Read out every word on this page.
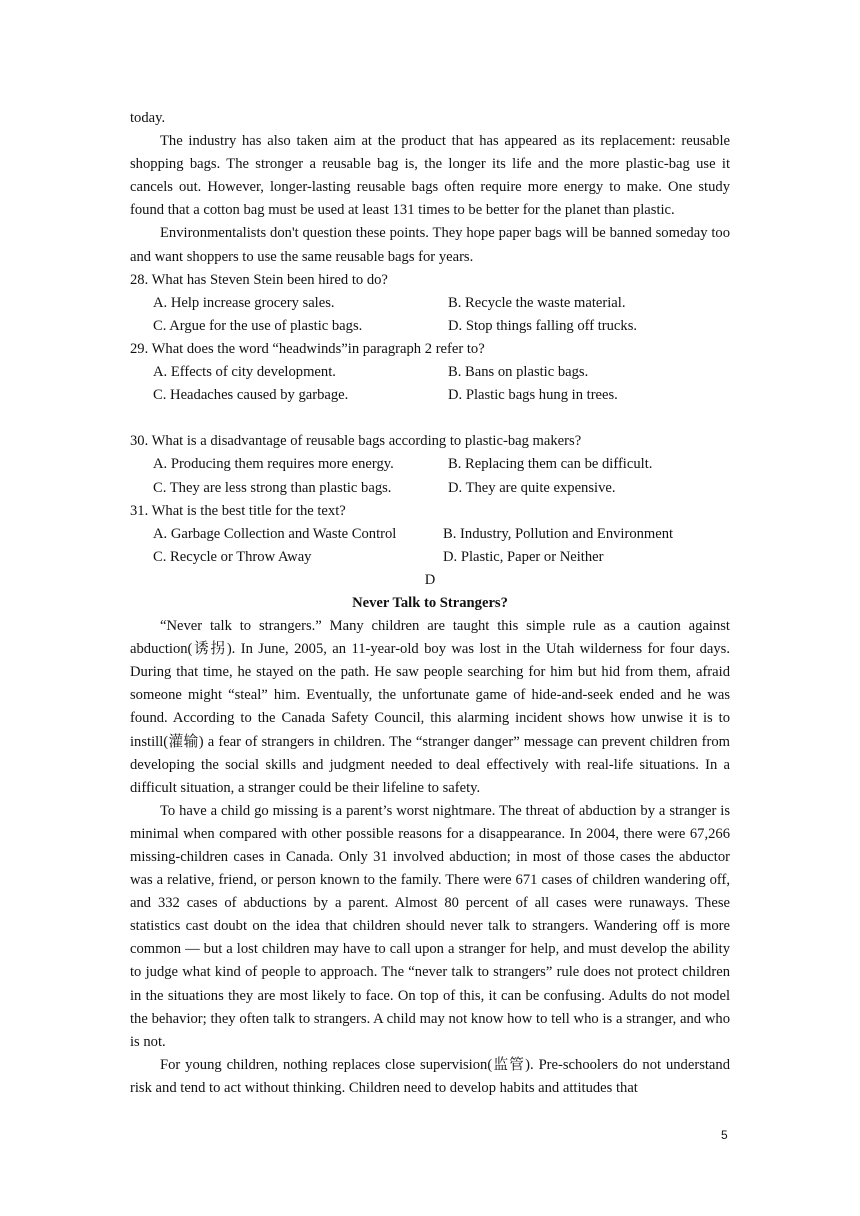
today.

The industry has also taken aim at the product that has appeared as its replacement: reusable shopping bags. The stronger a reusable bag is, the longer its life and the more plastic-bag use it cancels out. However, longer-lasting reusable bags often require more energy to make. One study found that a cotton bag must be used at least 131 times to be better for the planet than plastic.

Environmentalists don't question these points. They hope paper bags will be banned someday too and want shoppers to use the same reusable bags for years.

28. What has Steven Stein been hired to do?

A. Help increase grocery sales.	B. Recycle the waste material.
C. Argue for the use of plastic bags.	D. Stop things falling off trucks.

29. What does the word “headwinds”in paragraph 2 refer to?

A. Effects of city development.	B. Bans on plastic bags.
C. Headaches caused by garbage.	D. Plastic bags hung in trees.

30. What is a disadvantage of reusable bags according to plastic-bag makers?

A. Producing them requires more energy.	B. Replacing them can be difficult.
C. They are less strong than plastic bags.	D. They are quite expensive.

31. What is the best title for the text?

A. Garbage Collection and Waste Control	B. Industry, Pollution and Environment
C. Recycle or Throw Away	D. Plastic, Paper or Neither

D

Never Talk to Strangers?

“Never talk to strangers.” Many children are taught this simple rule as a caution against abduction(诱拐). In June, 2005, an 11-year-old boy was lost in the Utah wilderness for four days. During that time, he stayed on the path. He saw people searching for him but hid from them, afraid someone might “steal” him. Eventually, the unfortunate game of hide-and-seek ended and he was found. According to the Canada Safety Council, this alarming incident shows how unwise it is to instill(灌输) a fear of strangers in children. The “stranger danger” message can prevent children from developing the social skills and judgment needed to deal effectively with real-life situations. In a difficult situation, a stranger could be their lifeline to safety.

To have a child go missing is a parent’s worst nightmare. The threat of abduction by a stranger is minimal when compared with other possible reasons for a disappearance. In 2004, there were 67,266 missing-children cases in Canada. Only 31 involved abduction; in most of those cases the abductor was a relative, friend, or person known to the family. There were 671 cases of children wandering off, and 332 cases of abductions by a parent. Almost 80 percent of all cases were runaways. These statistics cast doubt on the idea that children should never talk to strangers. Wandering off is more common — but a lost children may have to call upon a stranger for help, and must develop the ability to judge what kind of people to approach. The “never talk to strangers” rule does not protect children in the situations they are most likely to face. On top of this, it can be confusing. Adults do not model the behavior; they often talk to strangers. A child may not know how to tell who is a stranger, and who is not.

For young children, nothing replaces close supervision(监管). Pre-schoolers do not understand risk and tend to act without thinking. Children need to develop habits and attitudes that

5
